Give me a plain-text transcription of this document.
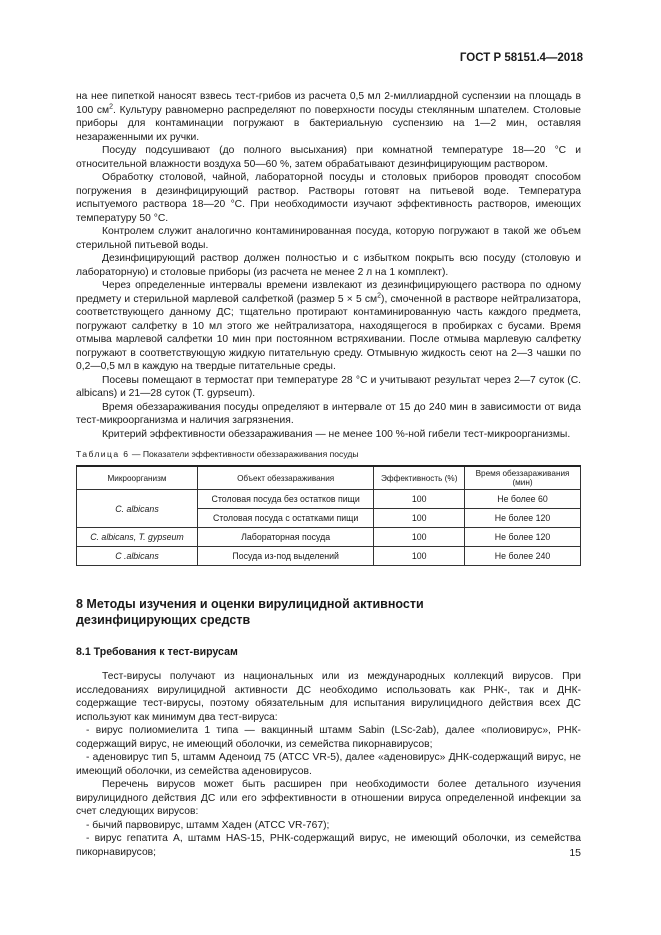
ГОСТ Р 58151.4—2018

на нее пипеткой наносят взвесь тест-грибов из расчета 0,5 мл 2-миллиардной суспензии на площадь в 100 $см^2$. Культуру равномерно распределяют по поверхности посуды стеклянным шпателем. Столовые приборы для контаминации погружают в бактериальную суспензию на 1—2 мин, оставляя незараженными их ручки.

Посуду подсушивают (до полного высыхания) при комнатной температуре 18—20 °С и относительной влажности воздуха 50—60 %, затем обрабатывают дезинфицирующим раствором.

Обработку столовой, чайной, лабораторной посуды и столовых приборов проводят способом погружения в дезинфицирующий раствор. Растворы готовят на питьевой воде. Температура испытуемого раствора 18—20 °С. При необходимости изучают эффективность растворов, имеющих температуру 50 °С.

Контролем служит аналогично контаминированная посуда, которую погружают в такой же объем стерильной питьевой воды.

Дезинфицирующий раствор должен полностью и с избытком покрыть всю посуду (столовую и лабораторную) и столовые приборы (из расчета не менее 2 л на 1 комплект).

Через определенные интервалы времени извлекают из дезинфицирующего раствора по одному предмету и стерильной марлевой салфеткой (размер 5 × 5 $см^2$), смоченной в растворе нейтрализатора, соответствующего данному ДС; тщательно протирают контаминированную часть каждого предмета, погружают салфетку в 10 мл этого же нейтрализатора, находящегося в пробирках с бусами. Время отмыва марлевой салфетки 10 мин при постоянном встряхивании. После отмыва марлевую салфетку погружают в соответствующую жидкую питательную среду. Отмывную жидкость сеют на 2—3 чашки по 0,2—0,5 мл в каждую на твердые питательные среды.

Посевы помещают в термостат при температуре 28 °С и учитывают результат через 2—7 суток (C. albicans) и 21—28 суток (T. gypseum).

Время обеззараживания посуды определяют в интервале от 15 до 240 мин в зависимости от вида тест-микроорганизма и наличия загрязнения.

Критерий эффективности обеззараживания — не менее 100 %-ной гибели тест-микроорганизмы.

Таблица 6 — Показатели эффективности обеззараживания посуды

Микроорганизм	Объект обеззараживания	Эффективность (%)	Время обеззараживания (мин)
C. albicans	Столовая посуда без остатков пищи	100	Не более 60
	Столовая посуда с остатками пищи	100	Не более 120
C. albicans, T. gypseum	Лабораторная посуда	100	Не более 120
С .albicans	Посуда из-под выделений	100	Не более 240
8 Методы изучения и оценки вирулицидной активности
дезинфицирующих средств
8.1 Требования к тест-вирусам

Тест-вирусы получают из национальных или из международных коллекций вирусов. При исследованиях вирулицидной активности ДС необходимо использовать как РНК-, так и ДНК-содержащие тест-вирусы, поэтому обязательным для испытания вирулицидного действия всех ДС используют как минимум два тест-вируса:

- вирус полиомиелита 1 типа — вакцинный штамм Sabin (LSc-2ab), далее «полиовирус», РНК-содержащий вирус, не имеющий оболочки, из семейства пикорнавирусов;

- аденовирус тип 5, штамм Аденоид 75 (ATCC VR-5), далее «аденовирус» ДНК-содержащий вирус, не имеющий оболочки, из семейства аденовирусов.

Перечень вирусов может быть расширен при необходимости более детального изучения вирулицидного действия ДС или его эффективности в отношении вируса определенной инфекции за счет следующих вирусов:

- бычий парвовирус, штамм Хаден (АТСС VR-767);

- вирус гепатита А, штамм HAS-15, РНК-содержащий вирус, не имеющий оболочки, из семейства пикорнавирусов;	15
